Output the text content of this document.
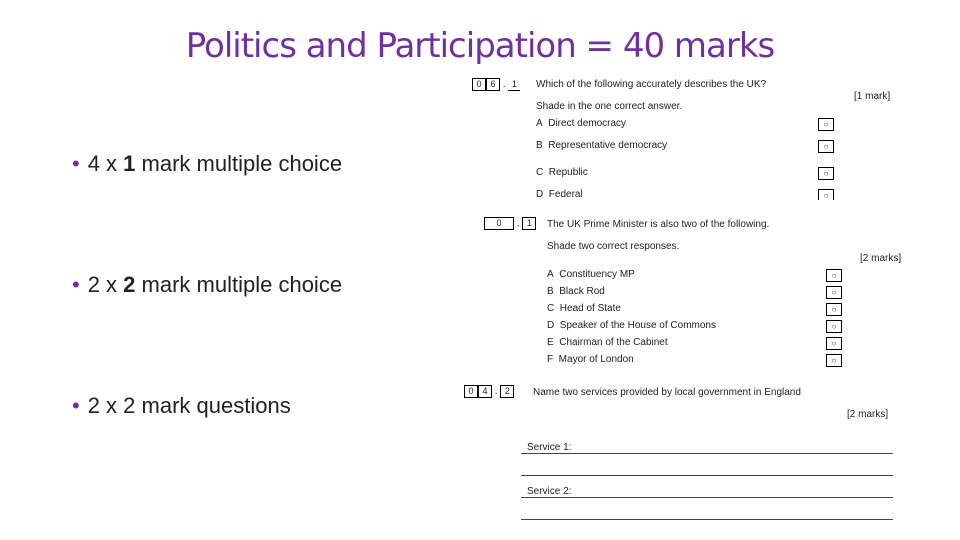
Politics and Participation = 40 marks
• 4 x 1 mark multiple choice
• 2 x 2 mark multiple choice
• 2 x 2 mark questions
0 6 . 1	Which of the following accurately describes the UK?
[1 mark]
Shade in the one correct answer.
A Direct democracy	○
B Representative democracy	○
C Republic	○
D Federal	○
0 . 1	The UK Prime Minister is also two of the following.
Shade two correct responses.
[2 marks]
A Constituency MP	○
B Black Rod	○
C Head of State	○
D Speaker of the House of Commons	○
E Chairman of the Cabinet	○
F Mayor of London	○
0 4 . 2	Name two services provided by local government in England
[2 marks]
Service 1:
Service 2:
